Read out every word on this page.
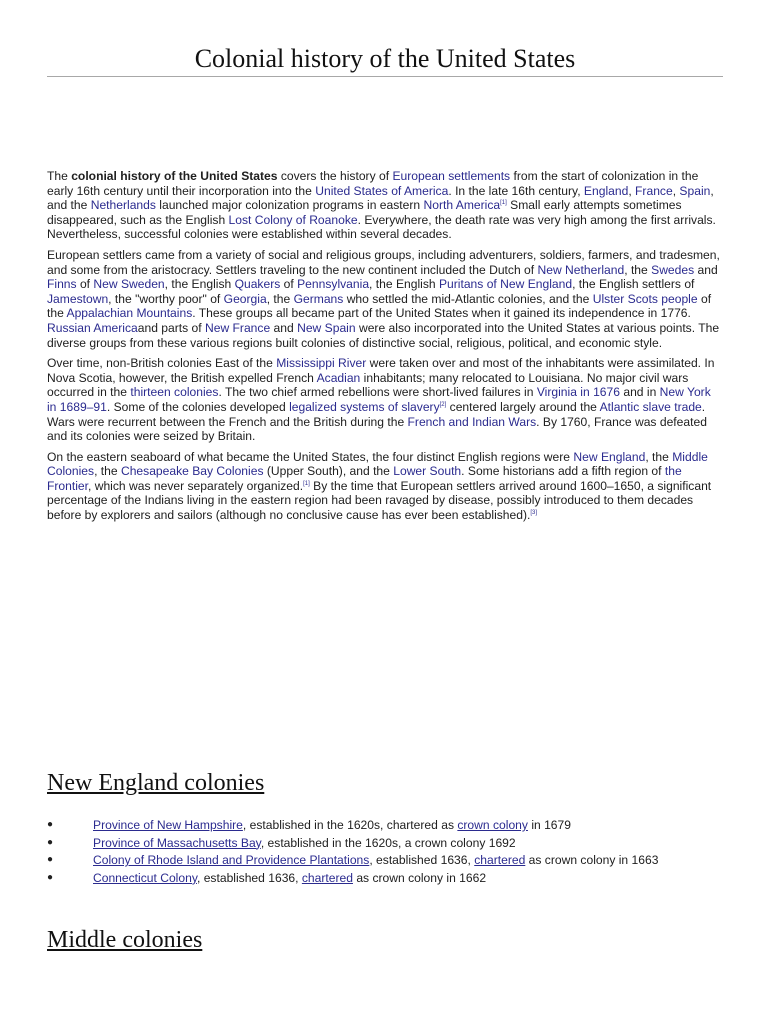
Colonial history of the United States

The colonial history of the United States covers the history of European settlements from the start of colonization in the early 16th century until their incorporation into the United States of America. In the late 16th century, England, France, Spain, and the Netherlands launched major colonization programs in eastern North America[1] Small early attempts sometimes disappeared, such as the English Lost Colony of Roanoke. Everywhere, the death rate was very high among the first arrivals. Nevertheless, successful colonies were established within several decades.

European settlers came from a variety of social and religious groups, including adventurers, soldiers, farmers, and tradesmen, and some from the aristocracy. Settlers traveling to the new continent included the Dutch of New Netherland, the Swedes and Finns of New Sweden, the English Quakers of Pennsylvania, the English Puritans of New England, the English settlers of Jamestown, the "worthy poor" of Georgia, the Germans who settled the mid-Atlantic colonies, and the Ulster Scots people of the Appalachian Mountains. These groups all became part of the United States when it gained its independence in 1776. Russian Americaand parts of New France and New Spain were also incorporated into the United States at various points. The diverse groups from these various regions built colonies of distinctive social, religious, political, and economic style.

Over time, non-British colonies East of the Mississippi River were taken over and most of the inhabitants were assimilated. In Nova Scotia, however, the British expelled French Acadian inhabitants; many relocated to Louisiana. No major civil wars occurred in the thirteen colonies. The two chief armed rebellions were short-lived failures in Virginia in 1676 and in New York in 1689–91. Some of the colonies developed legalized systems of slavery[2] centered largely around the Atlantic slave trade. Wars were recurrent between the French and the British during the French and Indian Wars. By 1760, France was defeated and its colonies were seized by Britain.

On the eastern seaboard of what became the United States, the four distinct English regions were New England, the Middle Colonies, the Chesapeake Bay Colonies (Upper South), and the Lower South. Some historians add a fifth region of the Frontier, which was never separately organized.[1] By the time that European settlers arrived around 1600–1650, a significant percentage of the Indians living in the eastern region had been ravaged by disease, possibly introduced to them decades before by explorers and sailors (although no conclusive cause has ever been established).[3]

New England colonies
●	Province of New Hampshire, established in the 1620s, chartered as crown colony in 1679
●	Province of Massachusetts Bay, established in the 1620s, a crown colony 1692
●	Colony of Rhode Island and Providence Plantations, established 1636, chartered as crown colony in 1663
●	Connecticut Colony, established 1636, chartered as crown colony in 1662
Middle colonies
